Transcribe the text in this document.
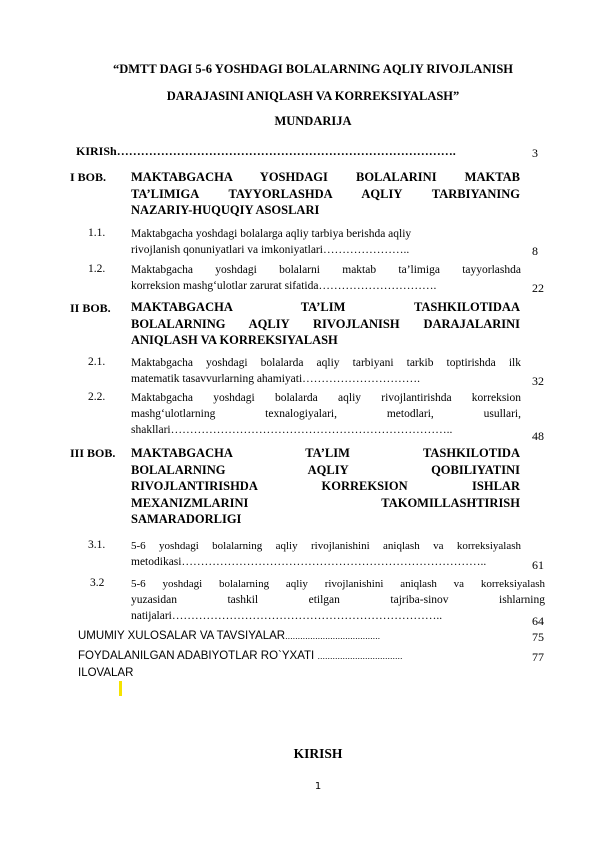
“DMTT DAGI 5-6 YOSHDAGI BOLALARNING AQLIY RIVOJLANISH
DARAJASINI ANIQLASH VA KORREKSIYALASH”
MUNDARIJA
KIRISh………………………………………………………………………….	3
I BOB. MAKTABGACHA YOSHDAGI BOLALARINI MAKTAB
TA’LIMIGA TAYYORLASHDA AQLIY TARBIYANING
NAZARIY-HUQUQIY ASOSLARI
1.1. Maktabgacha yoshdagi bolalarga aqliy tarbiya berishda aqliy
rivojlanish qonuniyatlari va imkoniyatlari…………………..	8
1.2. Maktabgacha yoshdagi bolalarni maktab ta’limiga tayyorlashda
korreksion mashg‘ulotlar zarurat sifatida………………………….	22
II BOB. MAKTABGACHA TA’LIM TASHKILOTIDAA
BOLALARNING AQLIY RIVOJLANISH DARAJALARINI
ANIQLASH VA KORREKSIYALASH
2.1. Maktabgacha yoshdagi bolalarda aqliy tarbiyani tarkib toptirishda ilk
matematik tasavvurlarning ahamiyati………………………….	32
2.2. Maktabgacha yoshdagi bolalarda aqliy rivojlantirishda korreksion
mashg‘ulotlarning texnalogiyalari, metodlari, usullari,
shakllari………………………………………………………………..	48
III BOB. MAKTABGACHA TA’LIM TASHKILOTIDA
BOLALARNING AQLIY QOBILIYATINI
RIVOJLANTIRISHDA KORREKSION ISHLAR
MEXANIZMLARINI TAKOMILLASHTIRISH
SAMARADORLIGI
3.1. 5-6 yoshdagi bolalarning aqliy rivojlanishini aniqlash va korreksiyalash
metodikasi……………………………………………………………………..	61
3.2 5-6 yoshdagi bolalarning aqliy rivojlanishini aniqlash va korreksiyalash
yuzasidan tashkil etilgan tajriba-sinov ishlarning
natijalari……………………………………………………………..	64
UMUMIY XULOSALAR VA TAVSIYALAR......................................	75
FOYDALANILGAN ADABIYOTLAR RO`YXATI ..................................	77
ILOVALAR
KIRISH
1
